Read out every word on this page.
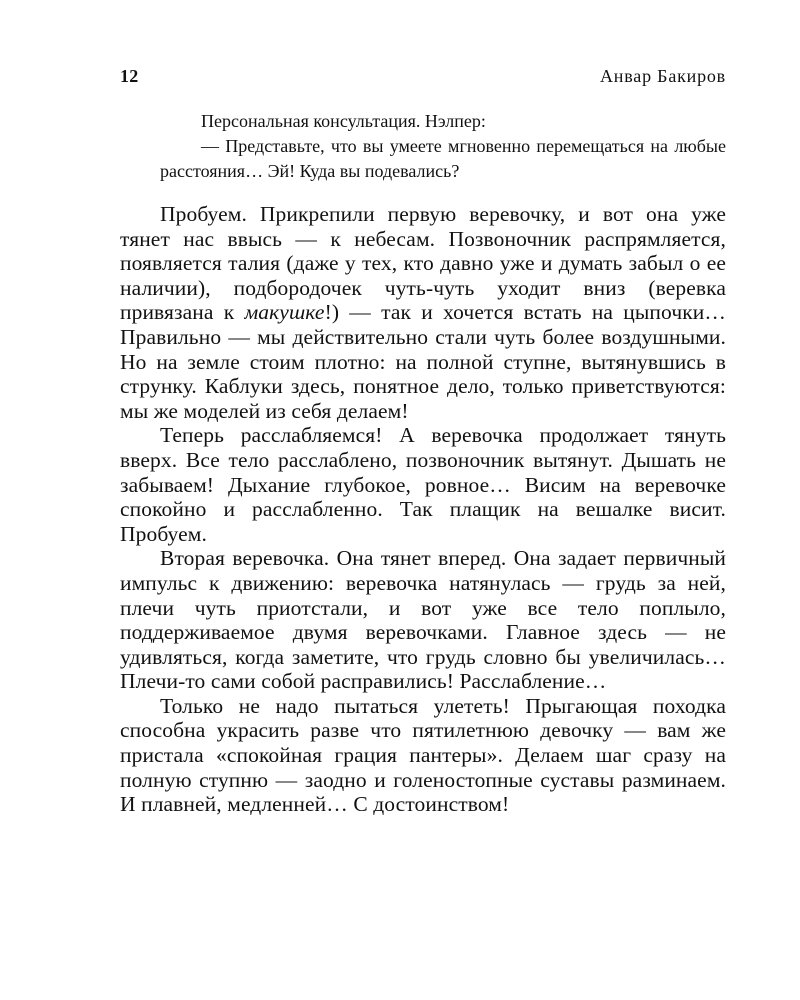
12	Анвар Бакиров

Персональная консультация. Нэлпер:

— Представьте, что вы умеете мгновенно перемещаться на любые расстояния… Эй! Куда вы подевались?

Пробуем. Прикрепили первую веревочку, и вот она уже тянет нас ввысь — к небесам. Позвоночник распрямляется, появляется талия (даже у тех, кто давно уже и думать забыл о ее наличии), подбородочек чуть-чуть уходит вниз (веревка привязана к макушке!) — так и хочется встать на цыпочки… Правильно — мы действительно стали чуть более воздушными. Но на земле стоим плотно: на полной ступне, вытянувшись в струнку. Каблуки здесь, понятное дело, только приветствуются: мы же моделей из себя делаем!

Теперь расслабляемся! А веревочка продолжает тянуть вверх. Все тело расслаблено, позвоночник вытянут. Дышать не забываем! Дыхание глубокое, ровное… Висим на веревочке спокойно и расслабленно. Так плащик на вешалке висит. Пробуем.

Вторая веревочка. Она тянет вперед. Она задает первичный импульс к движению: веревочка натянулась — грудь за ней, плечи чуть приотстали, и вот уже все тело поплыло, поддерживаемое двумя веревочками. Главное здесь — не удивляться, когда заметите, что грудь словно бы увеличилась… Плечи-то сами собой расправились! Расслабление…

Только не надо пытаться улететь! Прыгающая походка способна украсить разве что пятилетнюю девочку — вам же пристала «спокойная грация пантеры». Делаем шаг сразу на полную ступню — заодно и голеностопные суставы разминаем. И плавней, медленней… С достоинством!
